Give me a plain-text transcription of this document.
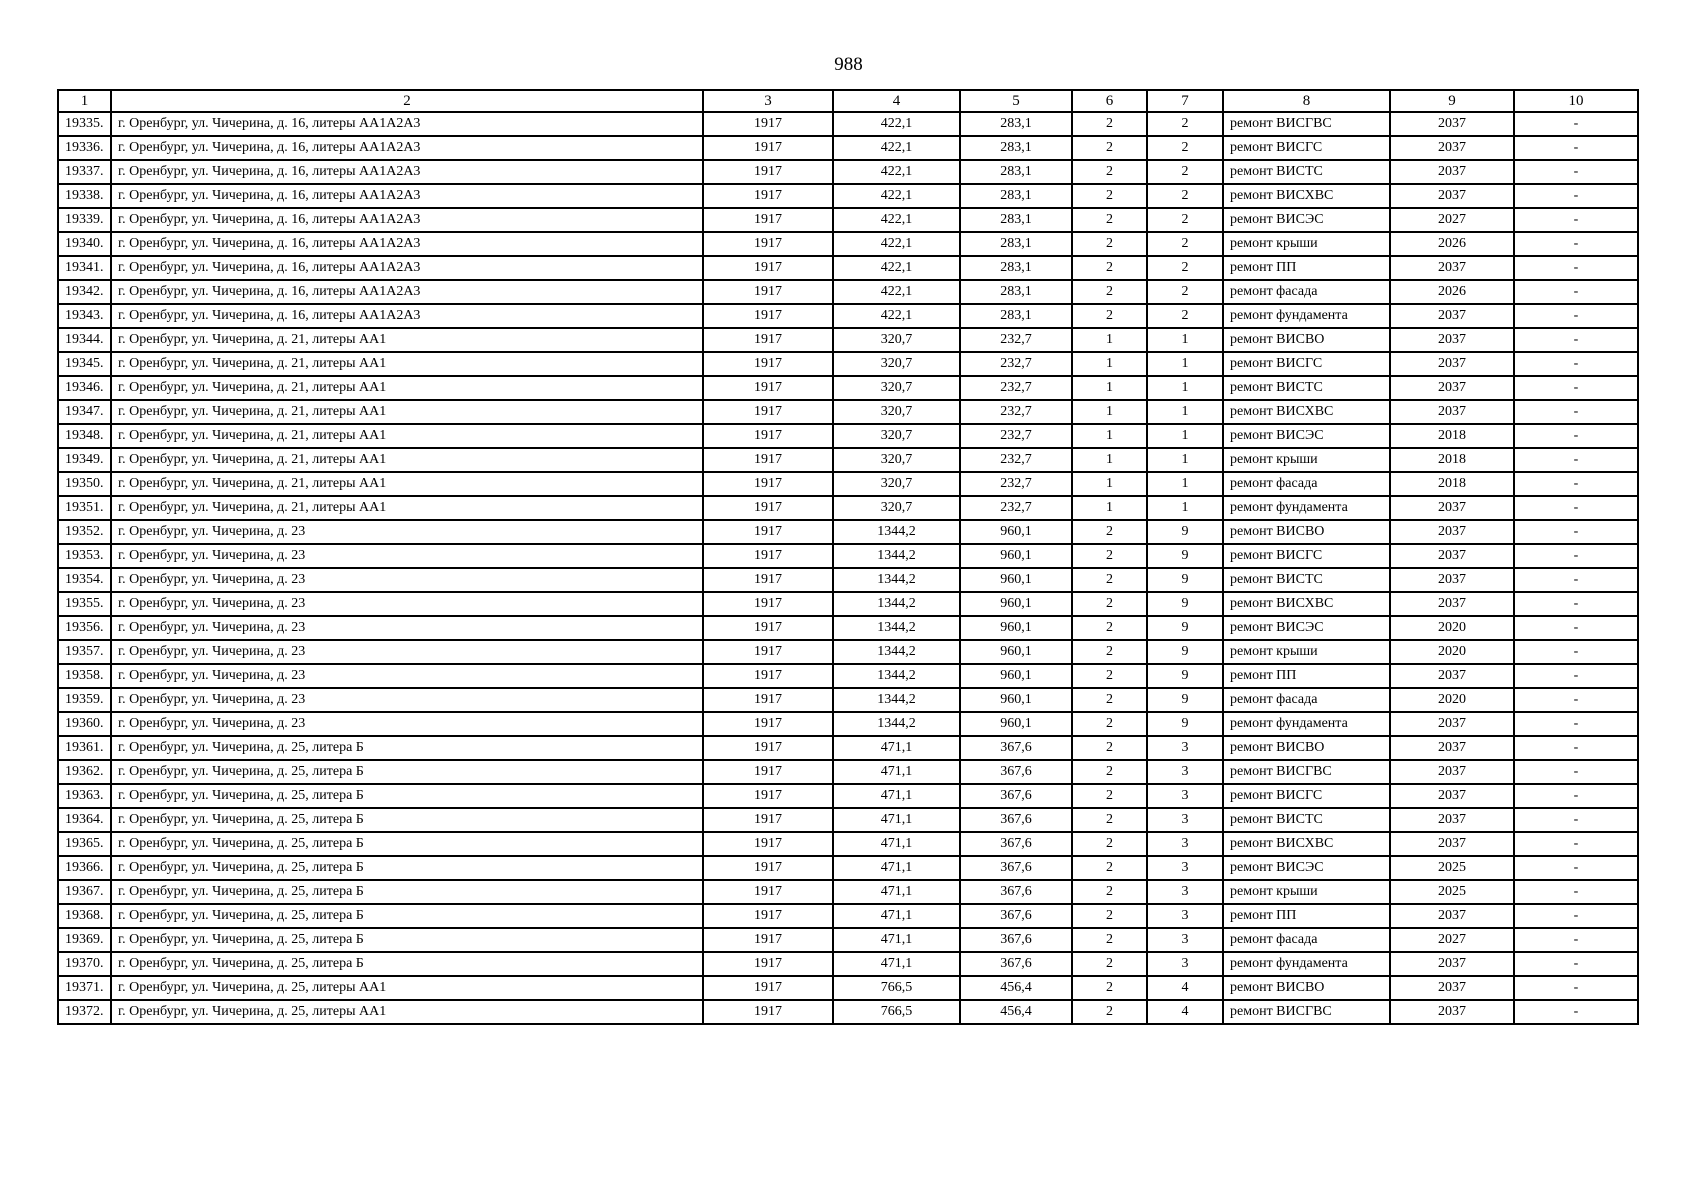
988
1	2	3	4	5	6	7	8	9	10
19335.	г. Оренбург, ул. Чичерина, д. 16, литеры АА1А2А3	1917	422,1	283,1	2	2	ремонт ВИСГВС	2037	-
19336.	г. Оренбург, ул. Чичерина, д. 16, литеры АА1А2А3	1917	422,1	283,1	2	2	ремонт ВИСГС	2037	-
19337.	г. Оренбург, ул. Чичерина, д. 16, литеры АА1А2А3	1917	422,1	283,1	2	2	ремонт ВИСТС	2037	-
19338.	г. Оренбург, ул. Чичерина, д. 16, литеры АА1А2А3	1917	422,1	283,1	2	2	ремонт ВИСХВС	2037	-
19339.	г. Оренбург, ул. Чичерина, д. 16, литеры АА1А2А3	1917	422,1	283,1	2	2	ремонт ВИСЭС	2027	-
19340.	г. Оренбург, ул. Чичерина, д. 16, литеры АА1А2А3	1917	422,1	283,1	2	2	ремонт крыши	2026	-
19341.	г. Оренбург, ул. Чичерина, д. 16, литеры АА1А2А3	1917	422,1	283,1	2	2	ремонт ПП	2037	-
19342.	г. Оренбург, ул. Чичерина, д. 16, литеры АА1А2А3	1917	422,1	283,1	2	2	ремонт фасада	2026	-
19343.	г. Оренбург, ул. Чичерина, д. 16, литеры АА1А2А3	1917	422,1	283,1	2	2	ремонт фундамента	2037	-
19344.	г. Оренбург, ул. Чичерина, д. 21, литеры АА1	1917	320,7	232,7	1	1	ремонт ВИСВО	2037	-
19345.	г. Оренбург, ул. Чичерина, д. 21, литеры АА1	1917	320,7	232,7	1	1	ремонт ВИСГС	2037	-
19346.	г. Оренбург, ул. Чичерина, д. 21, литеры АА1	1917	320,7	232,7	1	1	ремонт ВИСТС	2037	-
19347.	г. Оренбург, ул. Чичерина, д. 21, литеры АА1	1917	320,7	232,7	1	1	ремонт ВИСХВС	2037	-
19348.	г. Оренбург, ул. Чичерина, д. 21, литеры АА1	1917	320,7	232,7	1	1	ремонт ВИСЭС	2018	-
19349.	г. Оренбург, ул. Чичерина, д. 21, литеры АА1	1917	320,7	232,7	1	1	ремонт крыши	2018	-
19350.	г. Оренбург, ул. Чичерина, д. 21, литеры АА1	1917	320,7	232,7	1	1	ремонт фасада	2018	-
19351.	г. Оренбург, ул. Чичерина, д. 21, литеры АА1	1917	320,7	232,7	1	1	ремонт фундамента	2037	-
19352.	г. Оренбург, ул. Чичерина, д. 23	1917	1344,2	960,1	2	9	ремонт ВИСВО	2037	-
19353.	г. Оренбург, ул. Чичерина, д. 23	1917	1344,2	960,1	2	9	ремонт ВИСГС	2037	-
19354.	г. Оренбург, ул. Чичерина, д. 23	1917	1344,2	960,1	2	9	ремонт ВИСТС	2037	-
19355.	г. Оренбург, ул. Чичерина, д. 23	1917	1344,2	960,1	2	9	ремонт ВИСХВС	2037	-
19356.	г. Оренбург, ул. Чичерина, д. 23	1917	1344,2	960,1	2	9	ремонт ВИСЭС	2020	-
19357.	г. Оренбург, ул. Чичерина, д. 23	1917	1344,2	960,1	2	9	ремонт крыши	2020	-
19358.	г. Оренбург, ул. Чичерина, д. 23	1917	1344,2	960,1	2	9	ремонт ПП	2037	-
19359.	г. Оренбург, ул. Чичерина, д. 23	1917	1344,2	960,1	2	9	ремонт фасада	2020	-
19360.	г. Оренбург, ул. Чичерина, д. 23	1917	1344,2	960,1	2	9	ремонт фундамента	2037	-
19361.	г. Оренбург, ул. Чичерина, д. 25, литера Б	1917	471,1	367,6	2	3	ремонт ВИСВО	2037	-
19362.	г. Оренбург, ул. Чичерина, д. 25, литера Б	1917	471,1	367,6	2	3	ремонт ВИСГВС	2037	-
19363.	г. Оренбург, ул. Чичерина, д. 25, литера Б	1917	471,1	367,6	2	3	ремонт ВИСГС	2037	-
19364.	г. Оренбург, ул. Чичерина, д. 25, литера Б	1917	471,1	367,6	2	3	ремонт ВИСТС	2037	-
19365.	г. Оренбург, ул. Чичерина, д. 25, литера Б	1917	471,1	367,6	2	3	ремонт ВИСХВС	2037	-
19366.	г. Оренбург, ул. Чичерина, д. 25, литера Б	1917	471,1	367,6	2	3	ремонт ВИСЭС	2025	-
19367.	г. Оренбург, ул. Чичерина, д. 25, литера Б	1917	471,1	367,6	2	3	ремонт крыши	2025	-
19368.	г. Оренбург, ул. Чичерина, д. 25, литера Б	1917	471,1	367,6	2	3	ремонт ПП	2037	-
19369.	г. Оренбург, ул. Чичерина, д. 25, литера Б	1917	471,1	367,6	2	3	ремонт фасада	2027	-
19370.	г. Оренбург, ул. Чичерина, д. 25, литера Б	1917	471,1	367,6	2	3	ремонт фундамента	2037	-
19371.	г. Оренбург, ул. Чичерина, д. 25, литеры АА1	1917	766,5	456,4	2	4	ремонт ВИСВО	2037	-
19372.	г. Оренбург, ул. Чичерина, д. 25, литеры АА1	1917	766,5	456,4	2	4	ремонт ВИСГВС	2037	-
